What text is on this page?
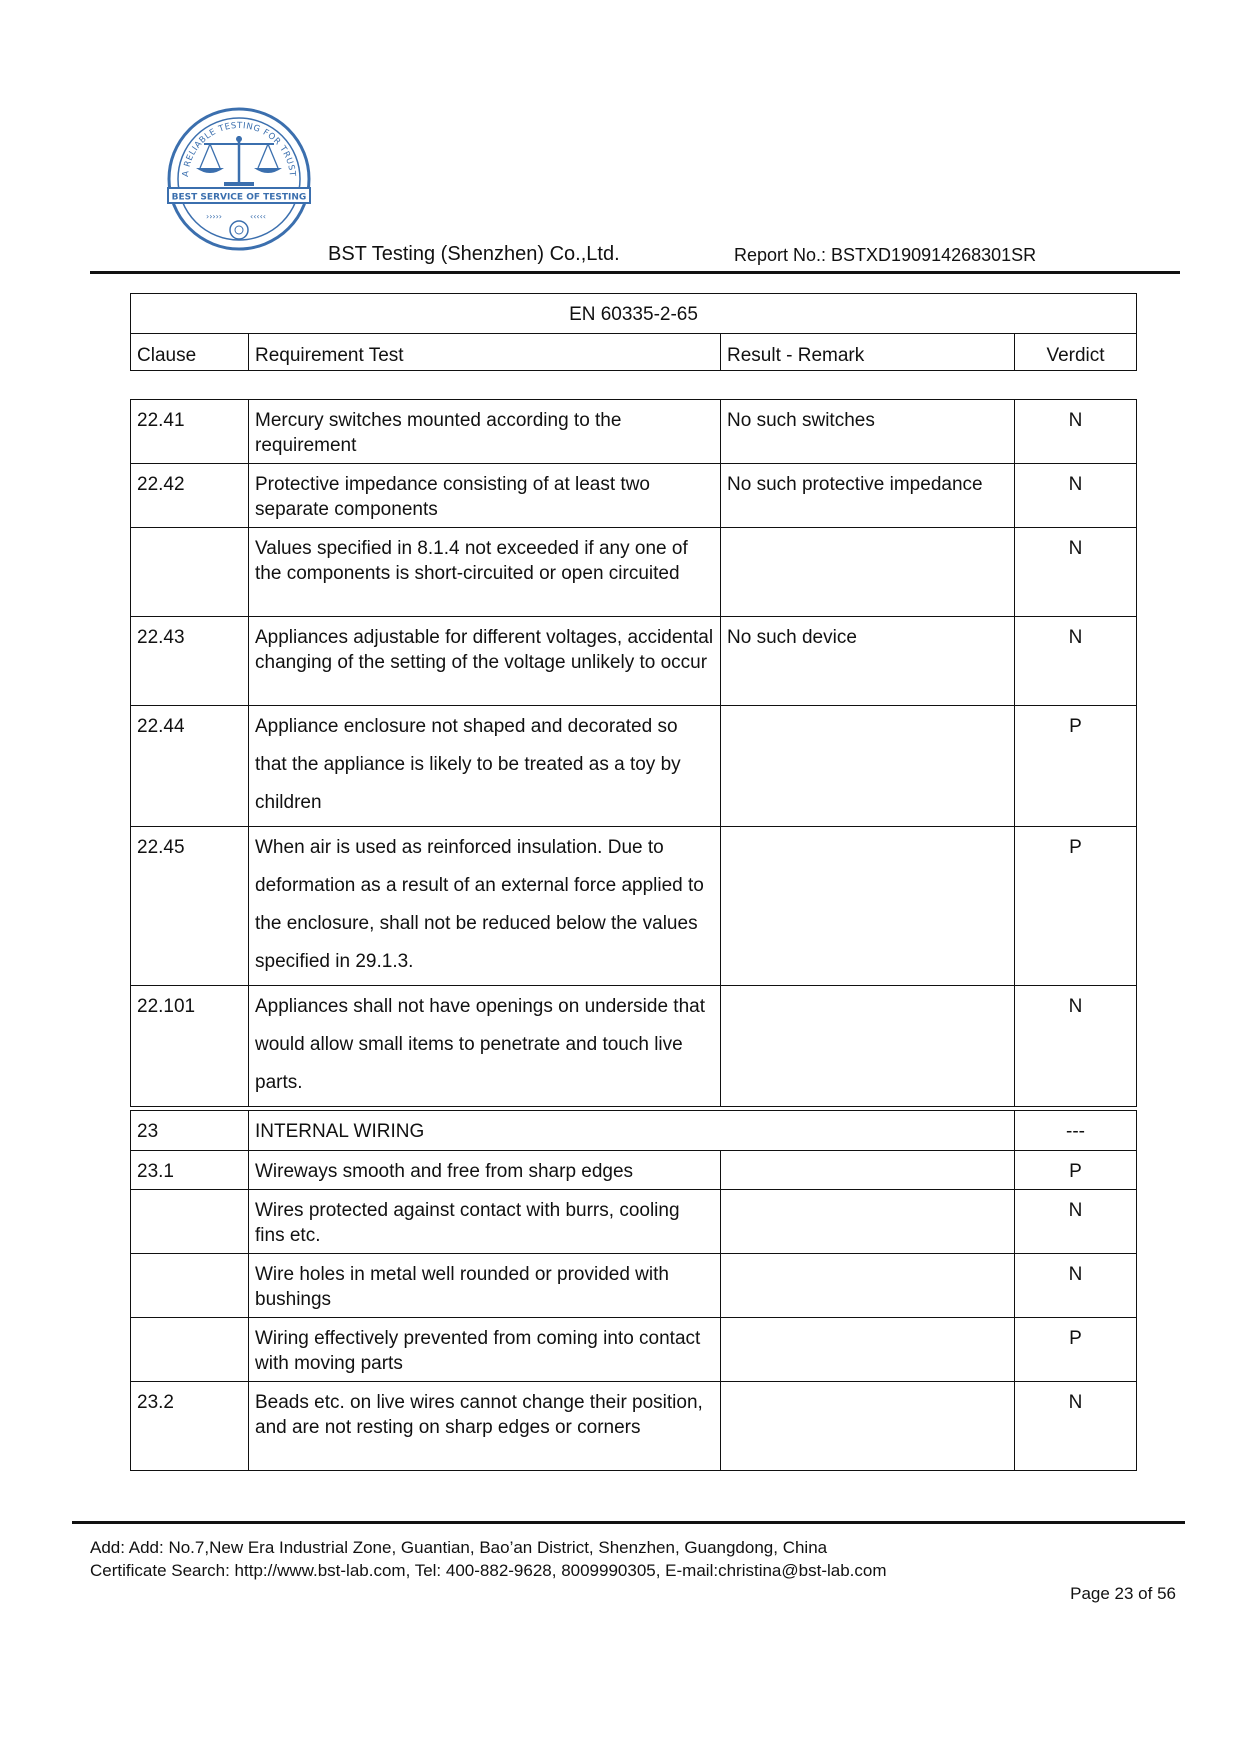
A RELIABLE TESTING FOR TRUST
BEST SERVICE OF TESTING
›››››	‹‹‹‹‹
BST Testing (Shenzhen) Co.,Ltd.	Report No.: BSTXD190914268301SR
EN 60335-2-65
Clause	Requirement Test	Result - Remark	Verdict
22.41	Mercury switches mounted according to the requirement	No such switches	N
22.42	Protective impedance consisting of at least two separate components	No such protective impedance	N
	Values specified in 8.1.4 not exceeded if any one of the components is short-circuited or open circuited		N
22.43	Appliances adjustable for different voltages, accidental changing of the setting of the voltage unlikely to occur	No such device	N
22.44	Appliance enclosure not shaped and decorated so that the appliance is likely to be treated as a toy by children		P
22.45	When air is used as reinforced insulation. Due to deformation as a result of an external force applied to the enclosure, shall not be reduced below the values specified in 29.1.3.		P
22.101	Appliances shall not have openings on underside that would allow small items to penetrate and touch live parts.		N
23	INTERNAL WIRING		---
23.1	Wireways smooth and free from sharp edges		P
	Wires protected against contact with burrs, cooling fins etc.		N
	Wire holes in metal well rounded or provided with bushings		N
	Wiring effectively prevented from coming into contact with moving parts		P
23.2	Beads etc. on live wires cannot change their position, and are not resting on sharp edges or corners		N
Add: Add: No.7,New Era Industrial Zone, Guantian, Bao’an District, Shenzhen, Guangdong, China
Certificate Search: http://www.bst-lab.com, Tel: 400-882-9628, 8009990305, E-mail:christina@bst-lab.com
Page 23 of 56
